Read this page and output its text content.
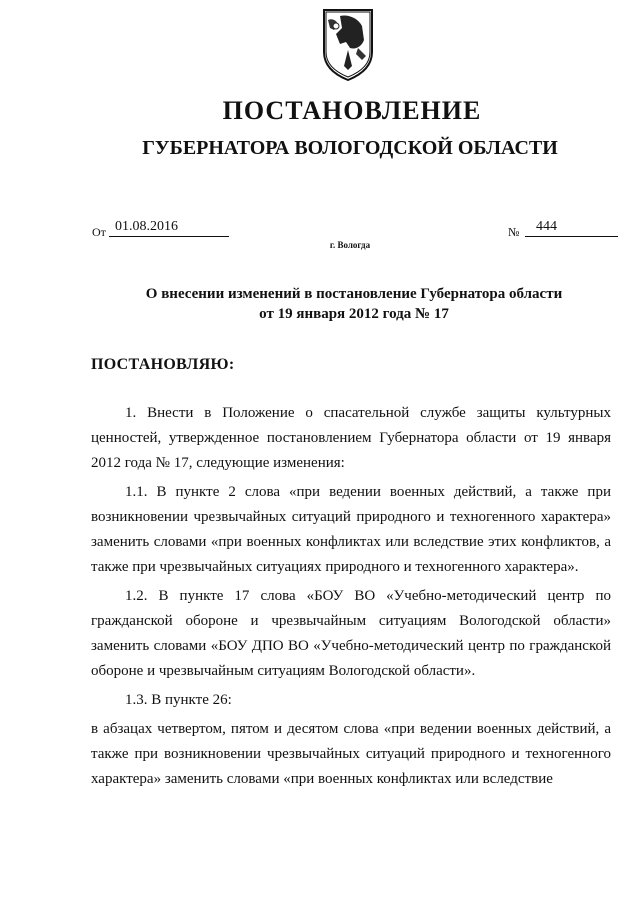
ПОСТАНОВЛЕНИЕ
ГУБЕРНАТОРА ВОЛОГОДСКОЙ ОБЛАСТИ
От 01.08.2016	№	444
г. Вологда
О внесении изменений в постановление Губернатора области
от 19 января 2012 года № 17
ПОСТАНОВЛЯЮ:

1. Внести в Положение о спасательной службе защиты культурных ценностей, утвержденное постановлением Губернатора области от 19 января 2012 года № 17, следующие изменения:

1.1. В пункте 2 слова «при ведении военных действий, а также при возникновении чрезвычайных ситуаций природного и техногенного характера» заменить словами «при военных конфликтах или вследствие этих конфликтов, а также при чрезвычайных ситуациях природного и техногенного характера».

1.2. В пункте 17 слова «БОУ ВО «Учебно-методический центр по гражданской обороне и чрезвычайным ситуациям Вологодской области» заменить словами «БОУ ДПО ВО «Учебно-методический центр по гражданской обороне и чрезвычайным ситуациям Вологодской области».

1.3. В пункте 26:

в абзацах четвертом, пятом и десятом слова «при ведении военных действий, а также при возникновении чрезвычайных ситуаций природного и техногенного характера» заменить словами «при военных конфликтах или вследствие
